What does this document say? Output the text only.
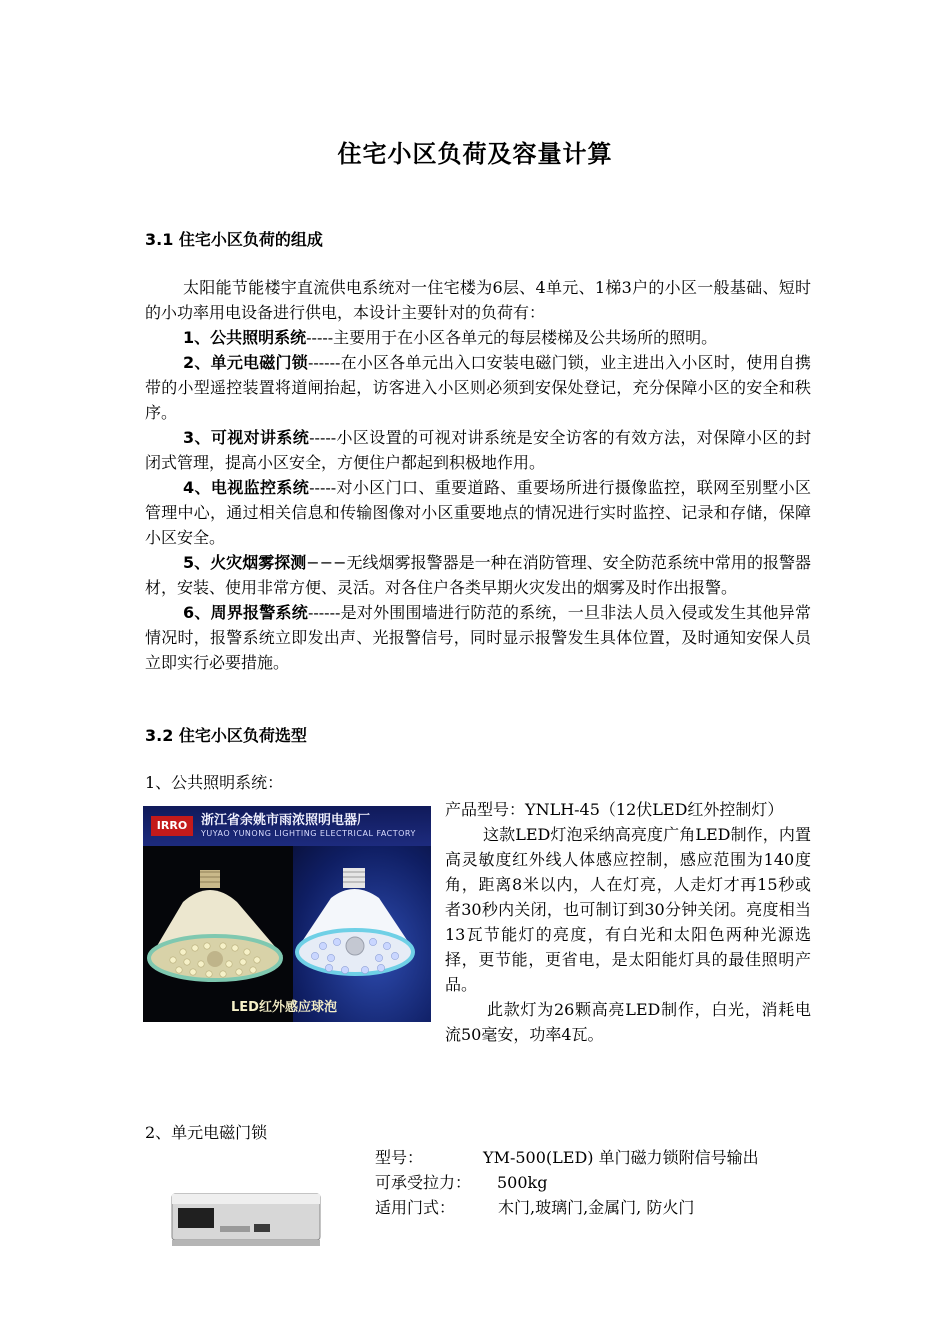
住宅小区负荷及容量计算
3.1 住宅小区负荷的组成

太阳能节能楼宇直流供电系统对一住宅楼为6层、4单元、1梯3户的小区一般基础、短时的小功率用电设备进行供电，本设计主要针对的负荷有：

1、公共照明系统-----主要用于在小区各单元的每层楼梯及公共场所的照明。

2、单元电磁门锁------在小区各单元出入口安装电磁门锁，业主进出入小区时，使用自携带的小型遥控装置将道闸抬起，访客进入小区则必须到安保处登记，充分保障小区的安全和秩序。

3、可视对讲系统-----小区设置的可视对讲系统是安全访客的有效方法，对保障小区的封闭式管理，提高小区安全，方便住户都起到积极地作用。

4、电视监控系统-----对小区门口、重要道路、重要场所进行摄像监控，联网至别墅小区管理中心，通过相关信息和传输图像对小区重要地点的情况进行实时监控、记录和存储，保障小区安全。

5、火灾烟雾探测−−−无线烟雾报警器是一种在消防管理、安全防范系统中常用的报警器材，安装、使用非常方便、灵活。对各住户各类早期火灾发出的烟雾及时作出报警。

6、周界报警系统------是对外围围墙进行防范的系统，一旦非法人员入侵或发生其他异常情况时，报警系统立即发出声、光报警信号，同时显示报警发生具体位置，及时通知安保人员立即实行必要措施。

3.2 住宅小区负荷选型
1、公共照明系统：
IRRO	浙江省余姚市雨浓照明电器厂
YUYAO YUNONG LIGHTING ELECTRICAL FACTORY
LED红外感应球泡

产品型号：YNLH-45（12伏LED红外控制灯）

这款LED灯泡采纳高亮度广角LED制作，内置高灵敏度红外线人体感应控制，感应范围为140度角，距离8米以内，人在灯亮，人走灯才再15秒或者30秒内关闭，也可制订到30分钟关闭。亮度相当13瓦节能灯的亮度，有白光和太阳色两种光源选择，更节能，更省电，是太阳能灯具的最佳照明产品。

此款灯为26颗高亮LED制作，白光，消耗电流50毫安，功率4瓦。

2、单元电磁门锁
型号：	YM-500(LED) 单门磁力锁附信号输出
可承受拉力： 500kg
适用门式：	木门,玻璃门,金属门, 防火门
